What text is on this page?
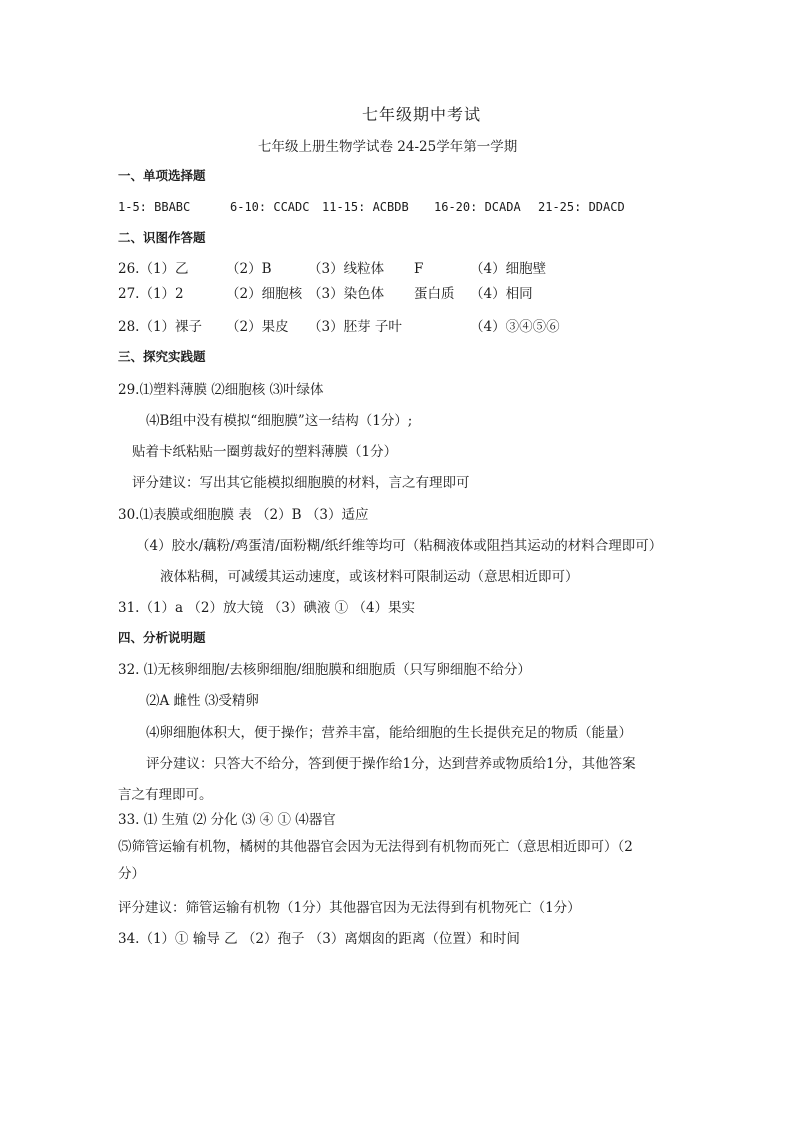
七年级期中考试
七年级上册生物学试卷 24-25学年第一学期
一、单项选择题
1-5: BBABC	6-10: CCADC 11-15: ACBDB 16-20: DCADA 21-25: DDACD
二、识图作答题
26.（1）乙	（2）B	（3）线粒体 F	（4）细胞壁
27.（1）2	（2）细胞核 （3）染色体 蛋白质 （4）相同
28.（1）裸子 （2）果皮 （3）胚芽 子叶	（4）③④⑤⑥
三、探究实践题
29.⑴塑料薄膜 ⑵细胞核 ⑶叶绿体
⑷B组中没有模拟“细胞膜”这一结构（1分）;
贴着卡纸粘贴一圈剪裁好的塑料薄膜（1分）
评分建议：写出其它能模拟细胞膜的材料，言之有理即可
30.⑴表膜或细胞膜 表 （2）B （3）适应
（4）胶水/藕粉/鸡蛋清/面粉糊/纸纤维等均可（粘稠液体或阻挡其运动的材料合理即可）
液体粘稠，可减缓其运动速度，或该材料可限制运动（意思相近即可）
31.（1）a （2）放大镜 （3）碘液 ① （4）果实
四、分析说明题
32. ⑴无核卵细胞/去核卵细胞/细胞膜和细胞质（只写卵细胞不给分）
⑵A 雌性 ⑶受精卵
⑷卵细胞体积大，便于操作；营养丰富，能给细胞的生长提供充足的物质（能量）
评分建议：只答大不给分，答到便于操作给1分，达到营养或物质给1分，其他答案
言之有理即可。
33. ⑴ 生殖 ⑵ 分化 ⑶ ④ ① ⑷器官
⑸筛管运输有机物，橘树的其他器官会因为无法得到有机物而死亡（意思相近即可）（2
分）
评分建议：筛管运输有机物（1分）其他器官因为无法得到有机物死亡（1分）
34.（1）① 输导 乙 （2）孢子 （3）离烟囱的距离（位置）和时间
